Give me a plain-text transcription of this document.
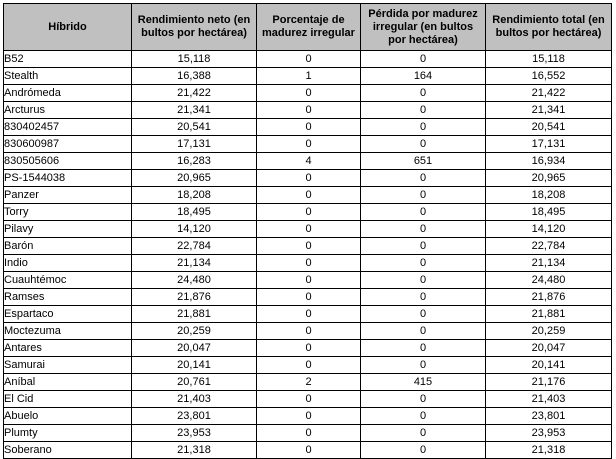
Híbrido	Rendimiento neto (en bultos por hectárea)	Porcentaje de madurez irregular	Pérdida por madurez irregular (en bultos por hectárea)	Rendimiento total (en bultos por hectárea)

B52	15,118	0	0	15,118
Stealth	16,388	1	164	16,552
Andrómeda	21,422	0	0	21,422
Arcturus	21,341	0	0	21,341
830402457	20,541	0	0	20,541
830600987	17,131	0	0	17,131
830505606	16,283	4	651	16,934
PS-1544038	20,965	0	0	20,965
Panzer	18,208	0	0	18,208
Torry	18,495	0	0	18,495
Pilavy	14,120	0	0	14,120
Barón	22,784	0	0	22,784
Indio	21,134	0	0	21,134
Cuauhtémoc	24,480	0	0	24,480
Ramses	21,876	0	0	21,876
Espartaco	21,881	0	0	21,881
Moctezuma	20,259	0	0	20,259
Antares	20,047	0	0	20,047
Samurai	20,141	0	0	20,141
Aníbal	20,761	2	415	21,176
El Cid	21,403	0	0	21,403
Abuelo	23,801	0	0	23,801
Plumty	23,953	0	0	23,953
Soberano	21,318	0	0	21,318
